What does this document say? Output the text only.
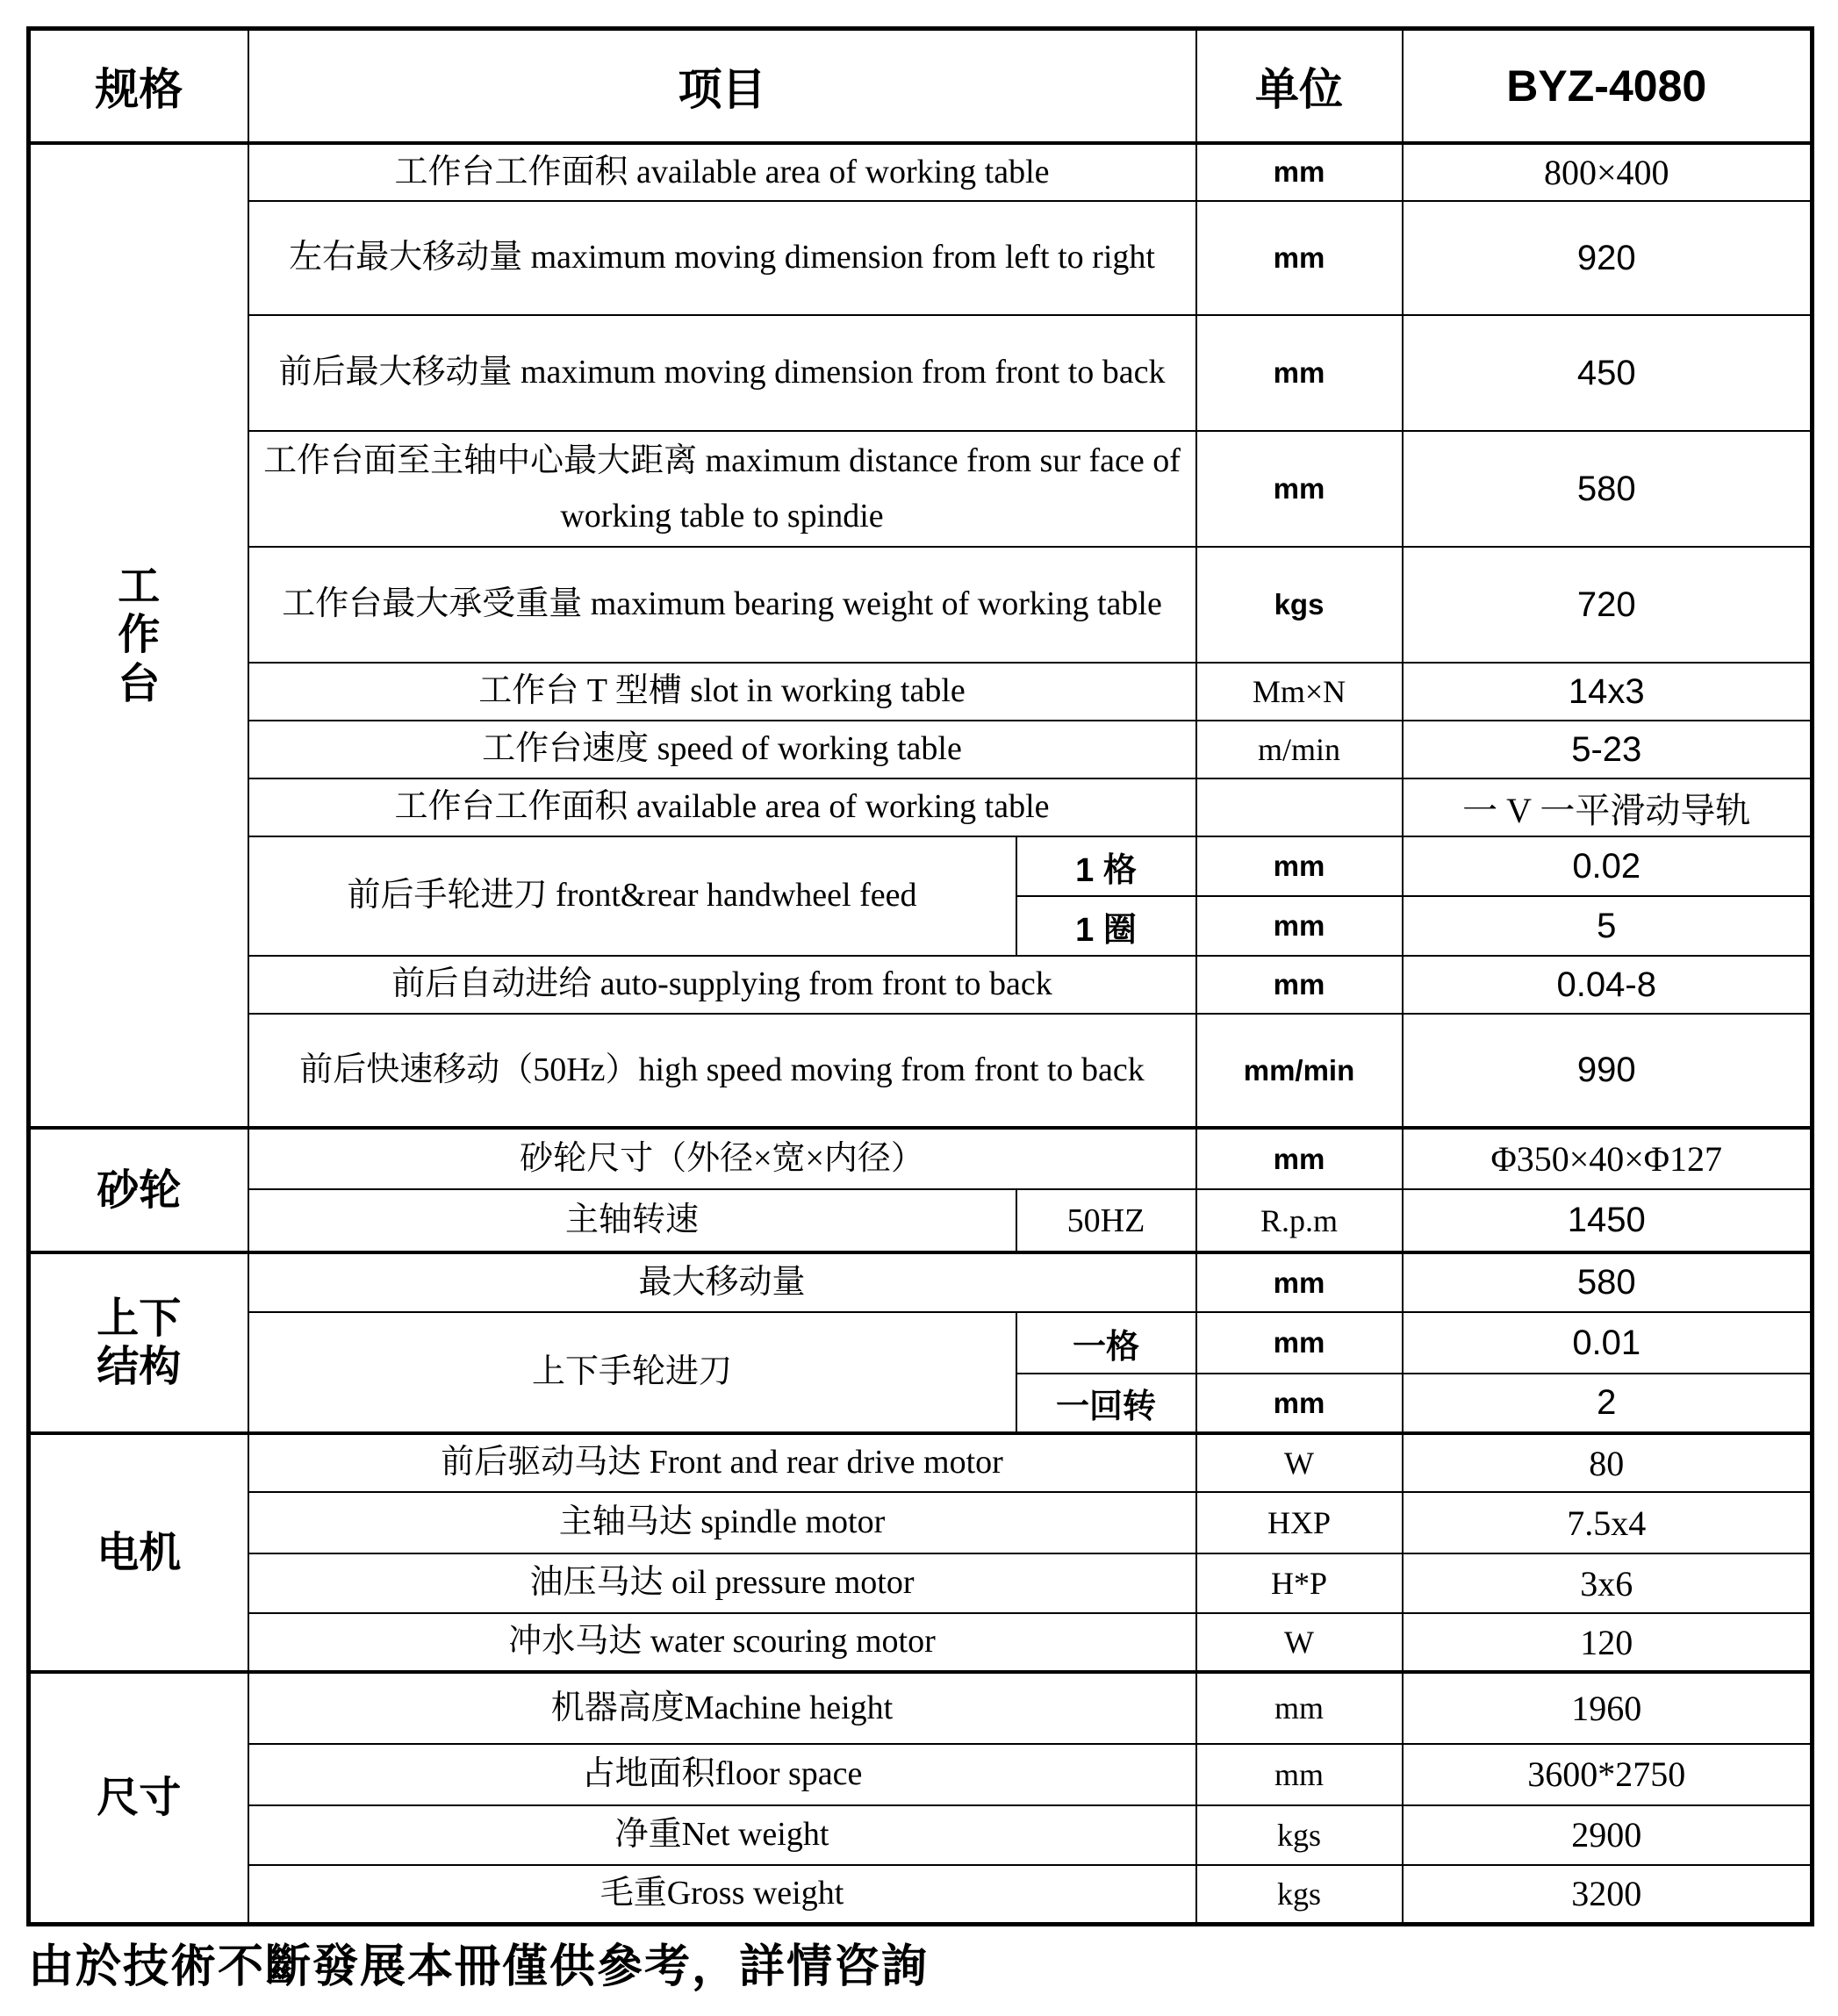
规格	项目		单位	BYZ-4080
工作台	工作台工作面积 available area of working table		mm	800×400
	左右最大移动量 maximum moving dimension from left to right		mm	920
	前后最大移动量 maximum moving dimension from front to back		mm	450
	工作台面至主轴中心最大距离 maximum distance from sur face of working table to spindie		mm	580
	工作台最大承受重量 maximum bearing weight of working table		kgs	720
	工作台 T 型槽 slot in working table		Mm×N	14x3
	工作台速度 speed of working table		m/min	5-23
	工作台工作面积 available area of working table			一 V 一平滑动导轨
	前后手轮进刀 front&rear handwheel feed	1 格	mm	0.02
		1 圈	mm	5
	前后自动进给 auto-supplying from front to back		mm	0.04-8
	前后快速移动（50Hz）high speed moving from front to back		mm/min	990
砂轮	砂轮尺寸（外径×宽×内径）		mm	Φ350×40×Φ127
	主轴转速	50HZ	R.p.m	1450
上下结构	最大移动量		mm	580
	上下手轮进刀	一格	mm	0.01
		一回转	mm	2
电机	前后驱动马达 Front and rear drive motor		W	80
	主轴马达 spindle motor		HXP	7.5x4
	油压马达 oil pressure motor		H*P	3x6
	冲水马达 water scouring motor		W	120
尺寸	机器高度Machine height		mm	1960
	占地面积floor space		mm	3600*2750
	净重Net weight		kgs	2900
	毛重Gross weight		kgs	3200
由於技術不斷發展本冊僅供參考，詳情咨詢
